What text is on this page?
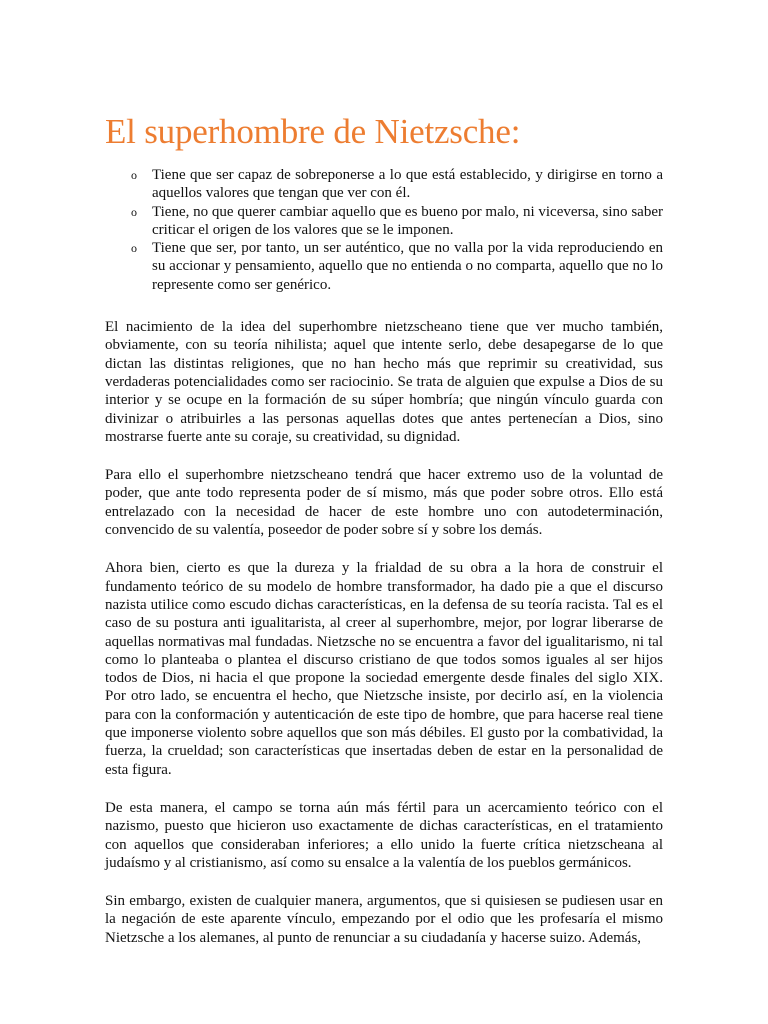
El superhombre de Nietzsche:
o Tiene que ser capaz de sobreponerse a lo que está establecido, y dirigirse en torno a aquellos valores que tengan que ver con él.
o Tiene, no que querer cambiar aquello que es bueno por malo, ni viceversa, sino saber criticar el origen de los valores que se le imponen.
o Tiene que ser, por tanto, un ser auténtico, que no valla por la vida reproduciendo en su accionar y pensamiento, aquello que no entienda o no comparta, aquello que no lo represente como ser genérico.

El nacimiento de la idea del superhombre nietzscheano tiene que ver mucho también, obviamente, con su teoría nihilista; aquel que intente serlo, debe desapegarse de lo que dictan las distintas religiones, que no han hecho más que reprimir su creatividad, sus verdaderas potencialidades como ser raciocinio. Se trata de alguien que expulse a Dios de su interior y se ocupe en la formación de su súper hombría; que ningún vínculo guarda con divinizar o atribuirles a las personas aquellas dotes que antes pertenecían a Dios, sino mostrarse fuerte ante su coraje, su creatividad, su dignidad.

Para ello el superhombre nietzscheano tendrá que hacer extremo uso de la voluntad de poder, que ante todo representa poder de sí mismo, más que poder sobre otros. Ello está entrelazado con la necesidad de hacer de este hombre uno con autodeterminación, convencido de su valentía, poseedor de poder sobre sí y sobre los demás.

Ahora bien, cierto es que la dureza y la frialdad de su obra a la hora de construir el fundamento teórico de su modelo de hombre transformador, ha dado pie a que el discurso nazista utilice como escudo dichas características, en la defensa de su teoría racista. Tal es el caso de su postura anti igualitarista, al creer al superhombre, mejor, por lograr liberarse de aquellas normativas mal fundadas. Nietzsche no se encuentra a favor del igualitarismo, ni tal como lo planteaba o plantea el discurso cristiano de que todos somos iguales al ser hijos todos de Dios, ni hacia el que propone la sociedad emergente desde finales del siglo XIX. Por otro lado, se encuentra el hecho, que Nietzsche insiste, por decirlo así, en la violencia para con la conformación y autenticación de este tipo de hombre, que para hacerse real tiene que imponerse violento sobre aquellos que son más débiles. El gusto por la combatividad, la fuerza, la crueldad; son características que insertadas deben de estar en la personalidad de esta figura.

De esta manera, el campo se torna aún más fértil para un acercamiento teórico con el nazismo, puesto que hicieron uso exactamente de dichas características, en el tratamiento con aquellos que consideraban inferiores; a ello unido la fuerte crítica nietzscheana al judaísmo y al cristianismo, así como su ensalce a la valentía de los pueblos germánicos.

Sin embargo, existen de cualquier manera, argumentos, que si quisiesen se pudiesen usar en la negación de este aparente vínculo, empezando por el odio que les profesaría el mismo Nietzsche a los alemanes, al punto de renunciar a su ciudadanía y hacerse suizo. Además,
